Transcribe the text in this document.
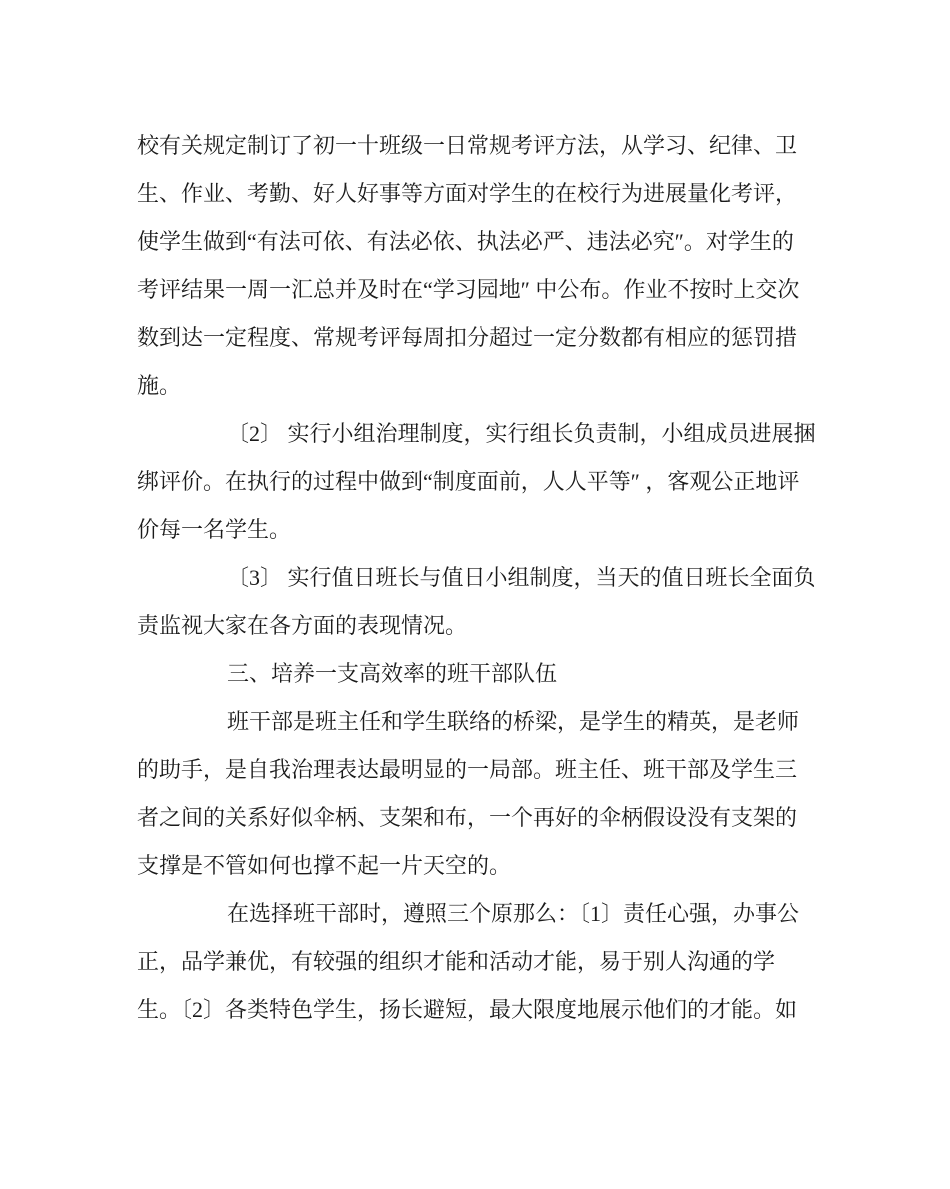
校有关规定制订了初一十班级一日常规考评方法，从学习、纪律、卫
生、作业、考勤、好人好事等方面对学生的在校行为进展量化考评，
使学生做到“有法可依、有法必依、执法必严、违法必究″。对学生的
考评结果一周一汇总并及时在“学习园地″ 中公布。作业不按时上交次
数到达一定程度、常规考评每周扣分超过一定分数都有相应的惩罚措
施。
〔2〕 实行小组治理制度，实行组长负责制，小组成员进展捆
绑评价。在执行的过程中做到“制度面前，人人平等″ ，客观公正地评
价每一名学生。
〔3〕 实行值日班长与值日小组制度，当天的值日班长全面负
责监视大家在各方面的表现情况。
三、培养一支高效率的班干部队伍
班干部是班主任和学生联络的桥梁，是学生的精英，是老师
的助手，是自我治理表达最明显的一局部。班主任、班干部及学生三
者之间的关系好似伞柄、支架和布，一个再好的伞柄假设没有支架的
支撑是不管如何也撑不起一片天空的。
在选择班干部时，遵照三个原那么：〔1〕责任心强，办事公
正，品学兼优，有较强的组织才能和活动才能，易于别人沟通的学
生。〔2〕各类特色学生，扬长避短，最大限度地展示他们的才能。如
